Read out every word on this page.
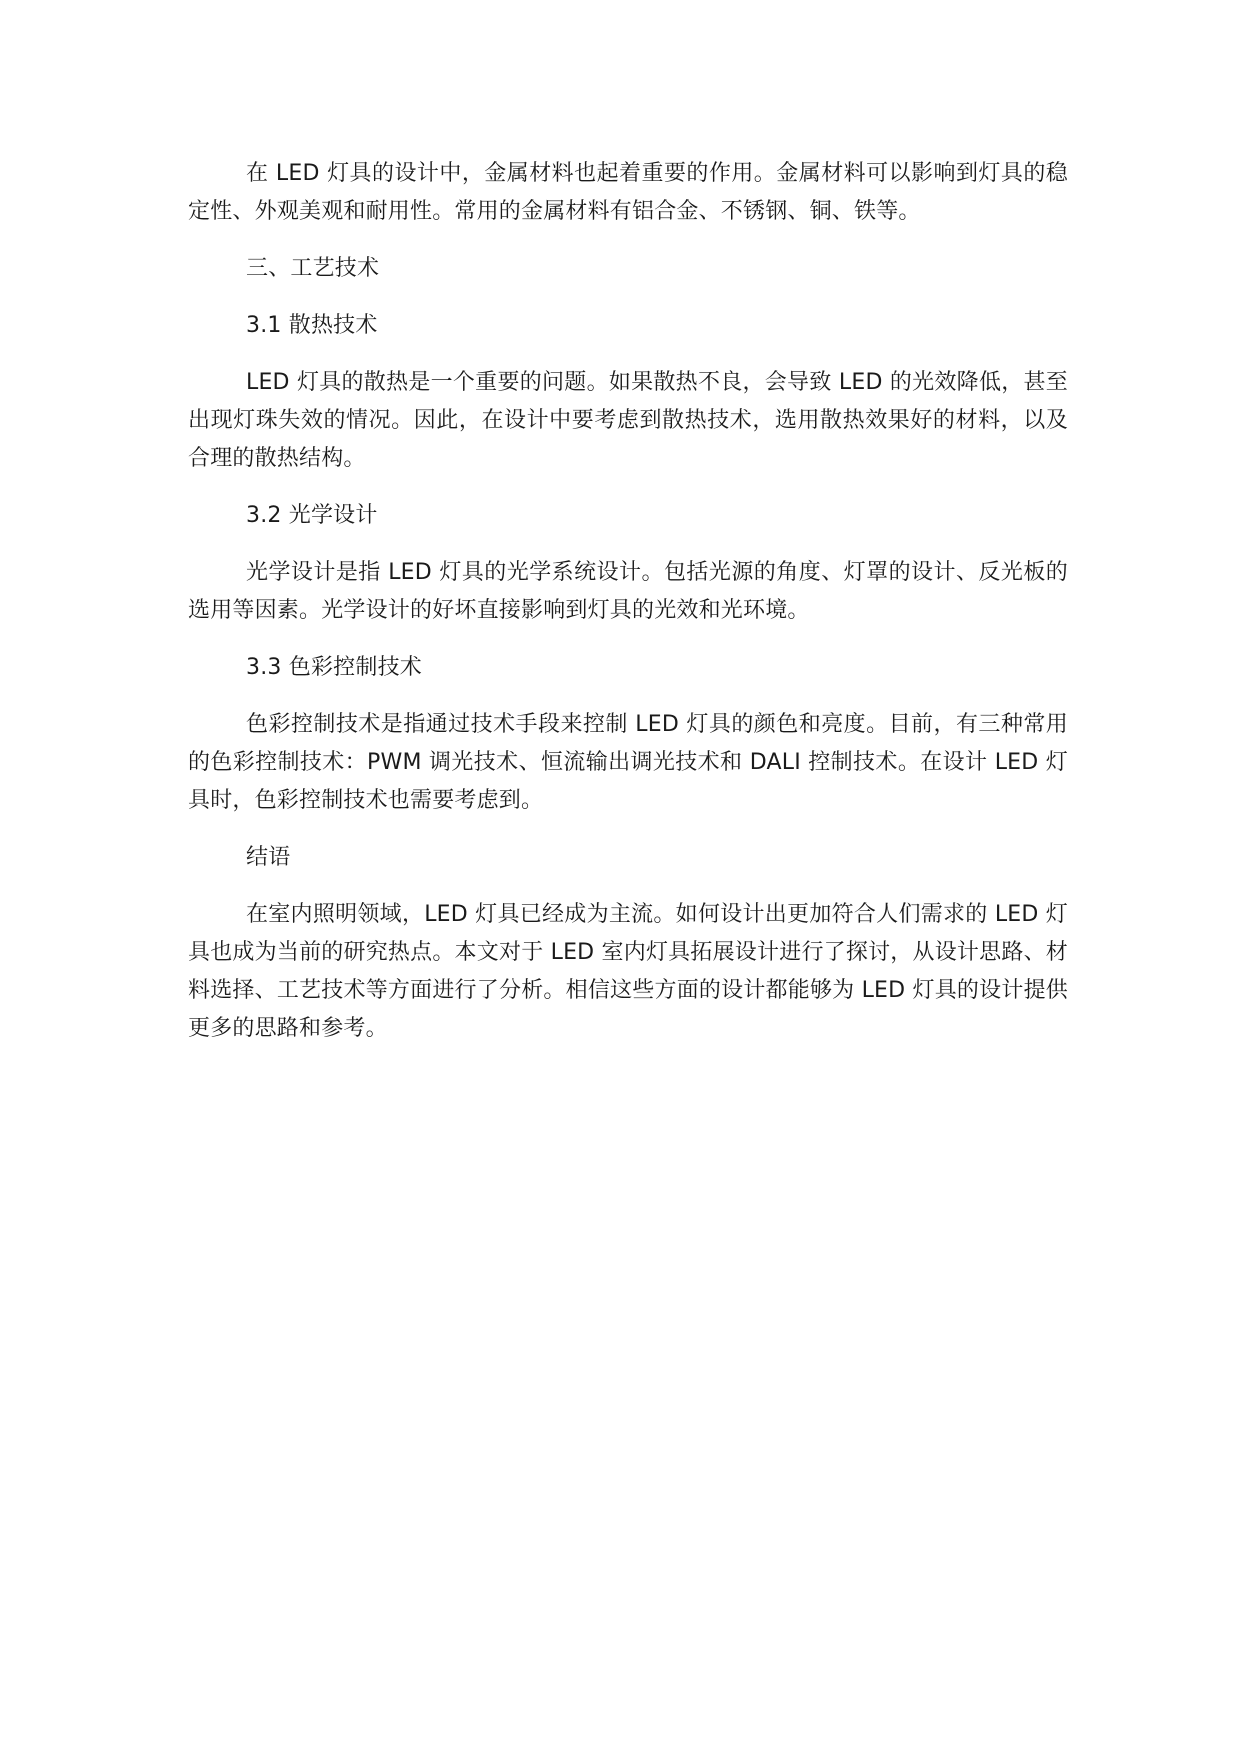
在 LED 灯具的设计中，金属材料也起着重要的作用。金属材料可以影响到灯具的稳定性、外观美观和耐用性。常用的金属材料有铝合金、不锈钢、铜、铁等。

三、工艺技术

3.1 散热技术

LED 灯具的散热是一个重要的问题。如果散热不良，会导致 LED 的光效降低，甚至出现灯珠失效的情况。因此，在设计中要考虑到散热技术，选用散热效果好的材料，以及合理的散热结构。

3.2 光学设计

光学设计是指 LED 灯具的光学系统设计。包括光源的角度、灯罩的设计、反光板的选用等因素。光学设计的好坏直接影响到灯具的光效和光环境。

3.3 色彩控制技术

色彩控制技术是指通过技术手段来控制 LED 灯具的颜色和亮度。目前，有三种常用的色彩控制技术：PWM 调光技术、恒流输出调光技术和 DALI 控制技术。在设计 LED 灯具时，色彩控制技术也需要考虑到。

结语

在室内照明领域，LED 灯具已经成为主流。如何设计出更加符合人们需求的 LED 灯具也成为当前的研究热点。本文对于 LED 室内灯具拓展设计进行了探讨，从设计思路、材料选择、工艺技术等方面进行了分析。相信这些方面的设计都能够为 LED 灯具的设计提供更多的思路和参考。
